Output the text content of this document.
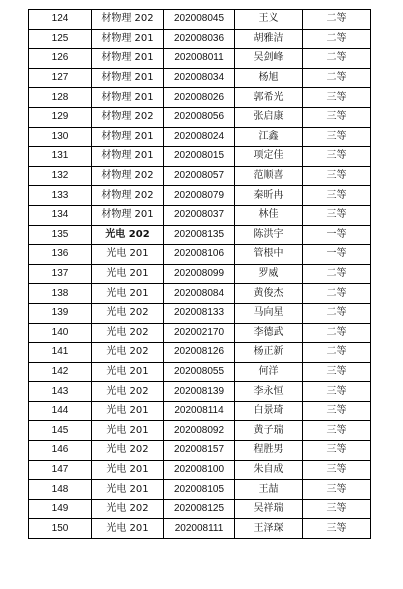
124	材物理 202	202008045	王义	二等
125	材物理 201	202008036	胡雅洁	二等
126	材物理 201	202008011	吴剑峰	二等
127	材物理 201	202008034	杨旭	二等
128	材物理 201	202008026	郭希光	三等
129	材物理 202	202008056	张启康	三等
130	材物理 201	202008024	江鑫	三等
131	材物理 201	202008015	项定佳	三等
132	材物理 202	202008057	范顺喜	三等
133	材物理 202	202008079	秦昕冉	三等
134	材物理 201	202008037	林佳	三等
135	光电 202	202008135	陈洪宇	一等
136	光电 201	202008106	管根中	一等
137	光电 201	202008099	罗威	二等
138	光电 201	202008084	黄俊杰	二等
139	光电 202	202008133	马向星	二等
140	光电 202	202002170	李德武	二等
141	光电 202	202008126	杨正新	二等
142	光电 201	202008055	何洋	三等
143	光电 202	202008139	李永恒	三等
144	光电 201	202008114	白景琦	三等
145	光电 201	202008092	黄子瑞	三等
146	光电 202	202008157	程胜男	三等
147	光电 201	202008100	朱自成	三等
148	光电 201	202008105	王喆	三等
149	光电 202	202008125	吴祥瑞	三等
150	光电 201	202008111	王泽琛	三等
